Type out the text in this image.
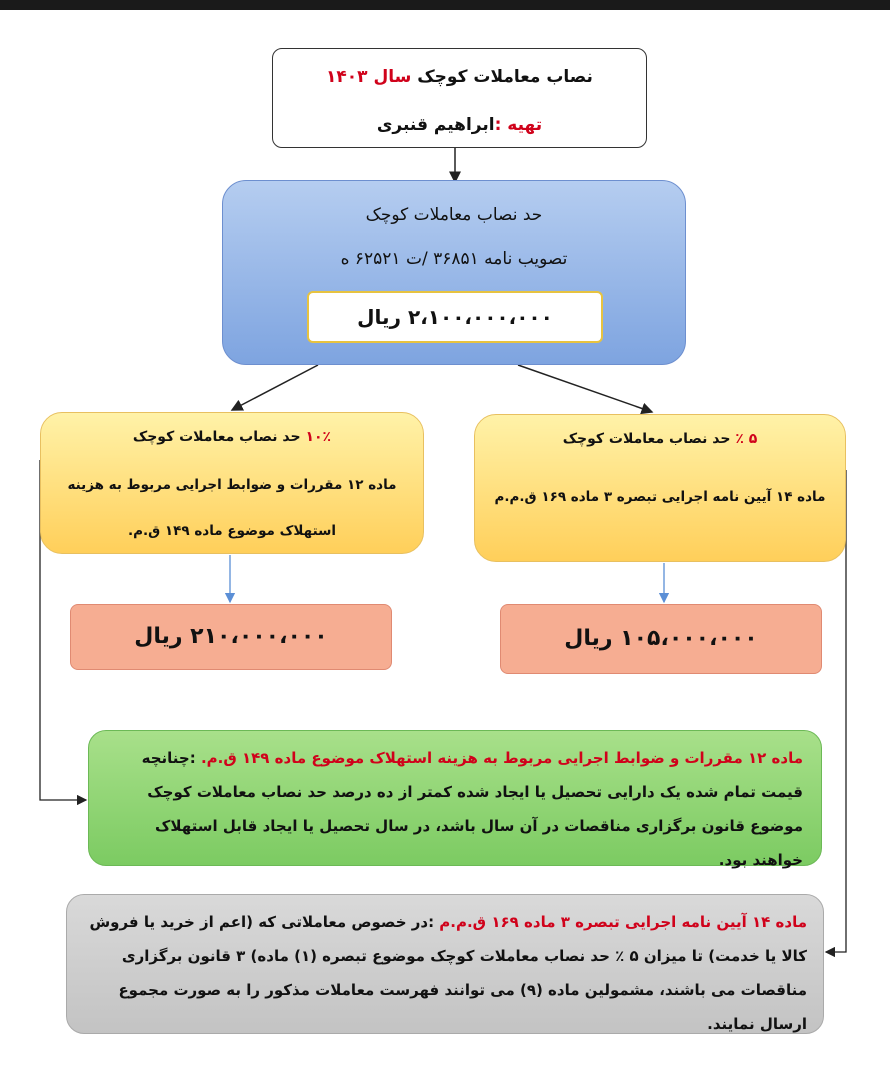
نصاب معاملات کوچک سال ۱۴۰۳
تهیه :ابراهیم قنبری
حد نصاب معاملات کوچک
تصویب نامه ۳۶۸۵۱ /ت ۶۲۵۲۱ ه
۲،۱۰۰،۰۰۰،۰۰۰ ریال
۱۰٪ حد نصاب معاملات کوچک
ماده ۱۲ مقررات و ضوابط اجرایی مربوط به هزینه
استهلاک موضوع ماده ۱۴۹ ق.م.
۵ ٪ حد نصاب معاملات کوچک
ماده ۱۴ آیین نامه اجرایی تبصره ۳ ماده ۱۶۹ ق.م.م
۲۱۰،۰۰۰،۰۰۰ ریال	۱۰۵،۰۰۰،۰۰۰ ریال
ماده ۱۲ مقررات و ضوابط اجرایی مربوط به هزینه استهلاک موضوع ماده ۱۴۹ ق.م. :چنانچه قیمت تمام شده یک دارایی تحصیل یا ایجاد شده کمتر از ده درصد حد نصاب معاملات کوچک موضوع قانون برگزاری مناقصات در آن سال باشد، در سال تحصیل یا ایجاد قابل استهلاک خواهند بود.
ماده ۱۴ آیین نامه اجرایی تبصره ۳ ماده ۱۶۹ ق.م.م :در خصوص معاملاتی که (اعم از خرید یا فروش کالا یا خدمت) تا میزان ۵ ٪ حد نصاب معاملات کوچک موضوع تبصره (۱) ماده) ۳ قانون برگزاری مناقصات می باشند، مشمولین ماده (۹) می توانند فهرست معاملات مذکور را به صورت مجموع ارسال نمایند.
